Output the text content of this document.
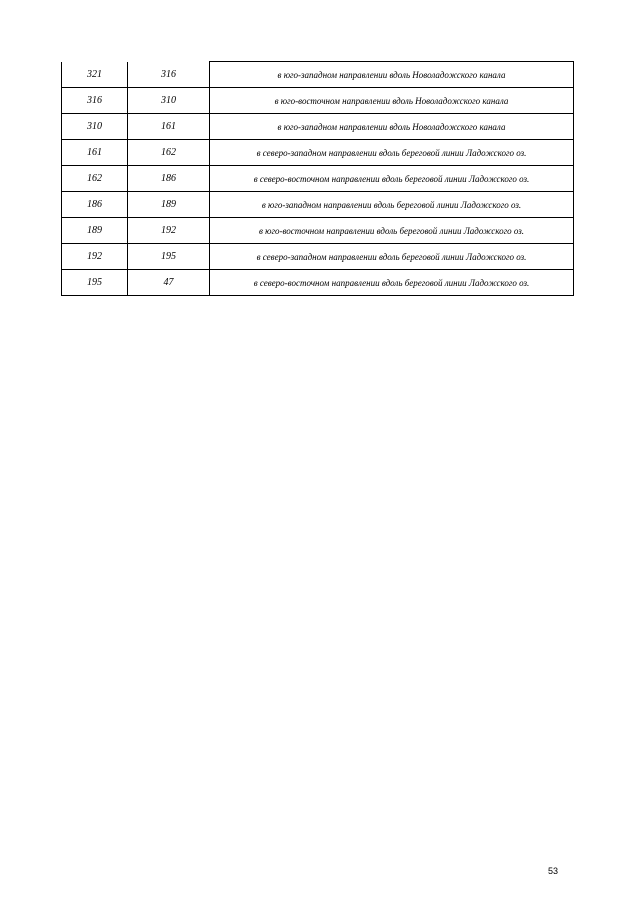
321	316	в юго-западном направлении вдоль Новоладожского канала
316	310	в юго-восточном направлении вдоль Новоладожского канала
310	161	в юго-западном направлении вдоль Новоладожского канала
161	162	в северо-западном направлении вдоль береговой линии Ладожского оз.
162	186	в северо-восточном направлении вдоль береговой линии Ладожского оз.
186	189	в юго-западном направлении вдоль береговой линии Ладожского оз.
189	192	в юго-восточном направлении вдоль береговой линии Ладожского оз.
192	195	в северо-западном направлении вдоль береговой линии Ладожского оз.
195	47	в северо-восточном направлении вдоль береговой линии Ладожского оз.
53
